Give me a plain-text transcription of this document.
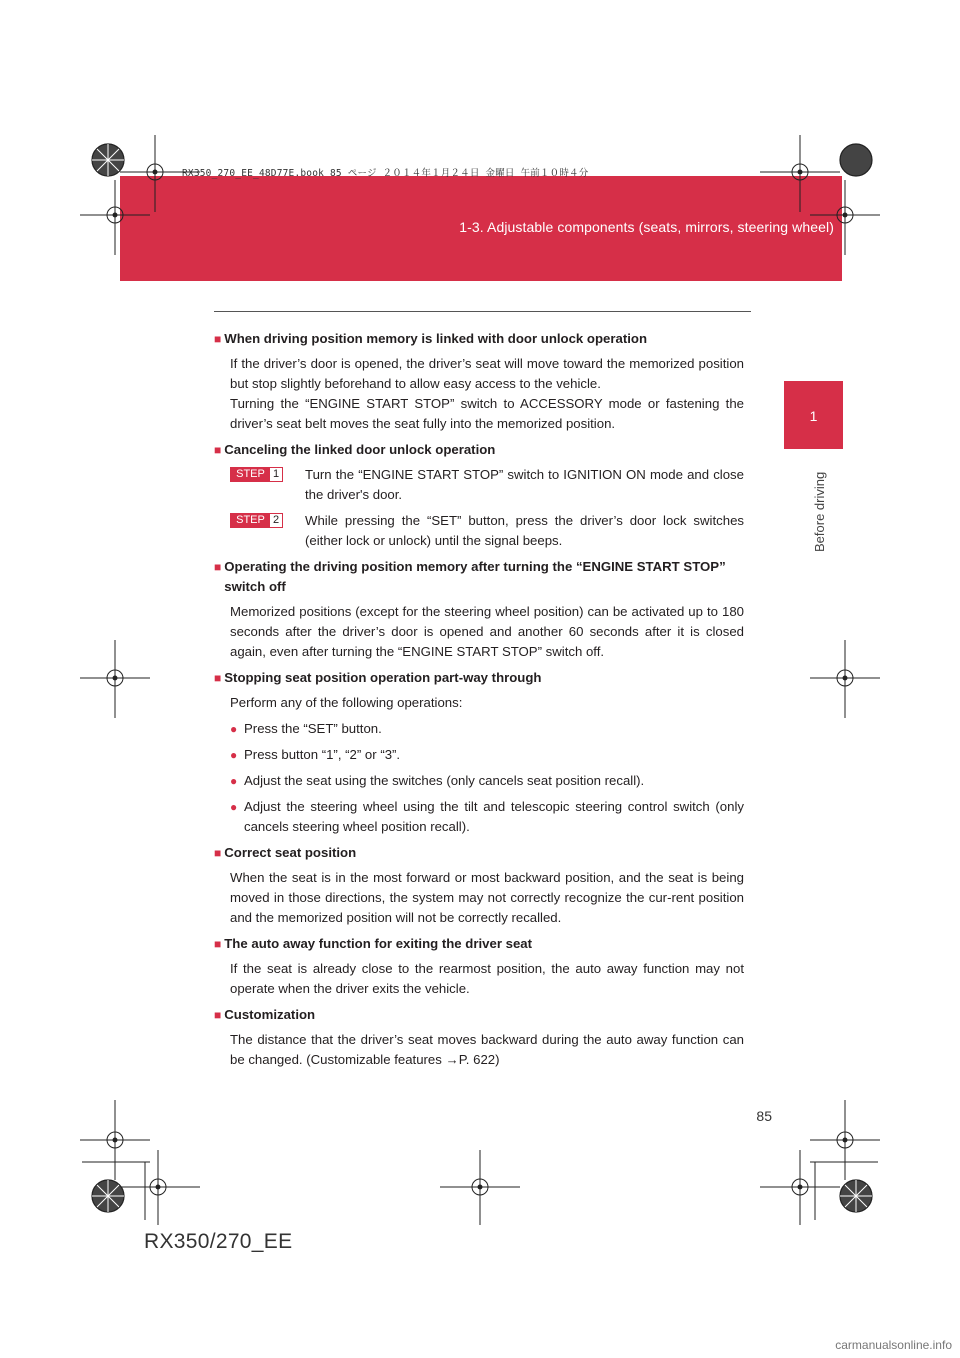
1-3. Adjustable components (seats, mirrors, steering wheel)
RX350_270_EE_48D77E.book 85 ページ ２０１４年１月２４日 金曜日 午前１０時４分
1
Before driving
■ When driving position memory is linked with door unlock operation

If the driver’s door is opened, the driver’s seat will move toward the memorized position but stop slightly beforehand to allow easy access to the vehicle.

Turning the “ENGINE START STOP” switch to ACCESSORY mode or fastening the driver’s seat belt moves the seat fully into the memorized position.

■ Canceling the linked door unlock operation
STEP 1 Turn the “ENGINE START STOP” switch to IGNITION ON mode and close the driver's door.
STEP 2 While pressing the “SET” button, press the driver’s door lock switches (either lock or unlock) until the signal beeps.
■ Operating the driving position memory after turning the “ENGINE START STOP” switch off

Memorized positions (except for the steering wheel position) can be activated up to 180 seconds after the driver’s door is opened and another 60 seconds after it is closed again, even after turning the “ENGINE START STOP” switch off.

■ Stopping seat position operation part-way through

Perform any of the following operations:

● Press the “SET” button.
● Press button “1”, “2” or “3”.
● Adjust the seat using the switches (only cancels seat position recall).
● Adjust the steering wheel using the tilt and telescopic steering control switch (only cancels steering wheel position recall).
■ Correct seat position

When the seat is in the most forward or most backward position, and the seat is being moved in those directions, the system may not correctly recognize the cur-rent position and the memorized position will not be correctly recalled.

■ The auto away function for exiting the driver seat

If the seat is already close to the rearmost position, the auto away function may not operate when the driver exits the vehicle.

■ Customization

The distance that the driver’s seat moves backward during the auto away function can be changed. (Customizable features →P. 622)

85
RX350/270_EE
carmanualsonline.info
